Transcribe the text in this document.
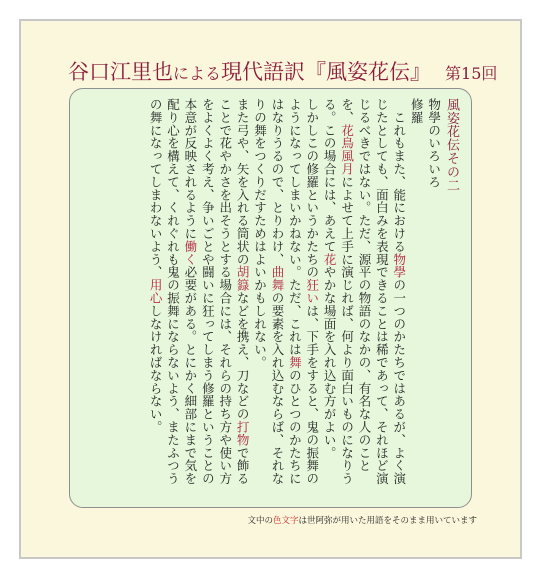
谷口江里也による現代語訳『風姿花伝』 第15回
風姿花伝その二
物學のいろいろ
修羅
　これもまた、能における物學の一つのかたちではあるが、よく演じたとしても、面白みを表現できることは稀であって、それほど演じるべきではない。ただ、源平の物語のなかの、有名な人のことを、花鳥風月によせて上手に演じれば、何より面白いものになりうる。この場合には、あえて花やかな場面を入れ込む方がよい。
しかしこの修羅というかたちの狂いは、下手をすると、鬼の振舞のようになってしまいかねない。ただ、これは舞のひとつのかたちにはなりうるので、とりわけ、曲舞の要素を入れ込むならば、それなりの舞をつくりだすためはよいかもしれない。
また弓や、矢を入れる筒状の胡籙などを携え、刀などの打物で飾ることで花やかさを出そうとする場合には、それらの持ち方や使い方をよくよく考え、争いごとや闘いに狂ってしまう修羅ということの本意が反映されるように働く必要がある。とにかく細部にまで気を配り心を構えて、くれぐれも鬼の振舞にならないよう、またふつうの舞になってしまわないよう、用心しなければならない。
文中の色文字は世阿弥が用いた用語をそのまま用いています
